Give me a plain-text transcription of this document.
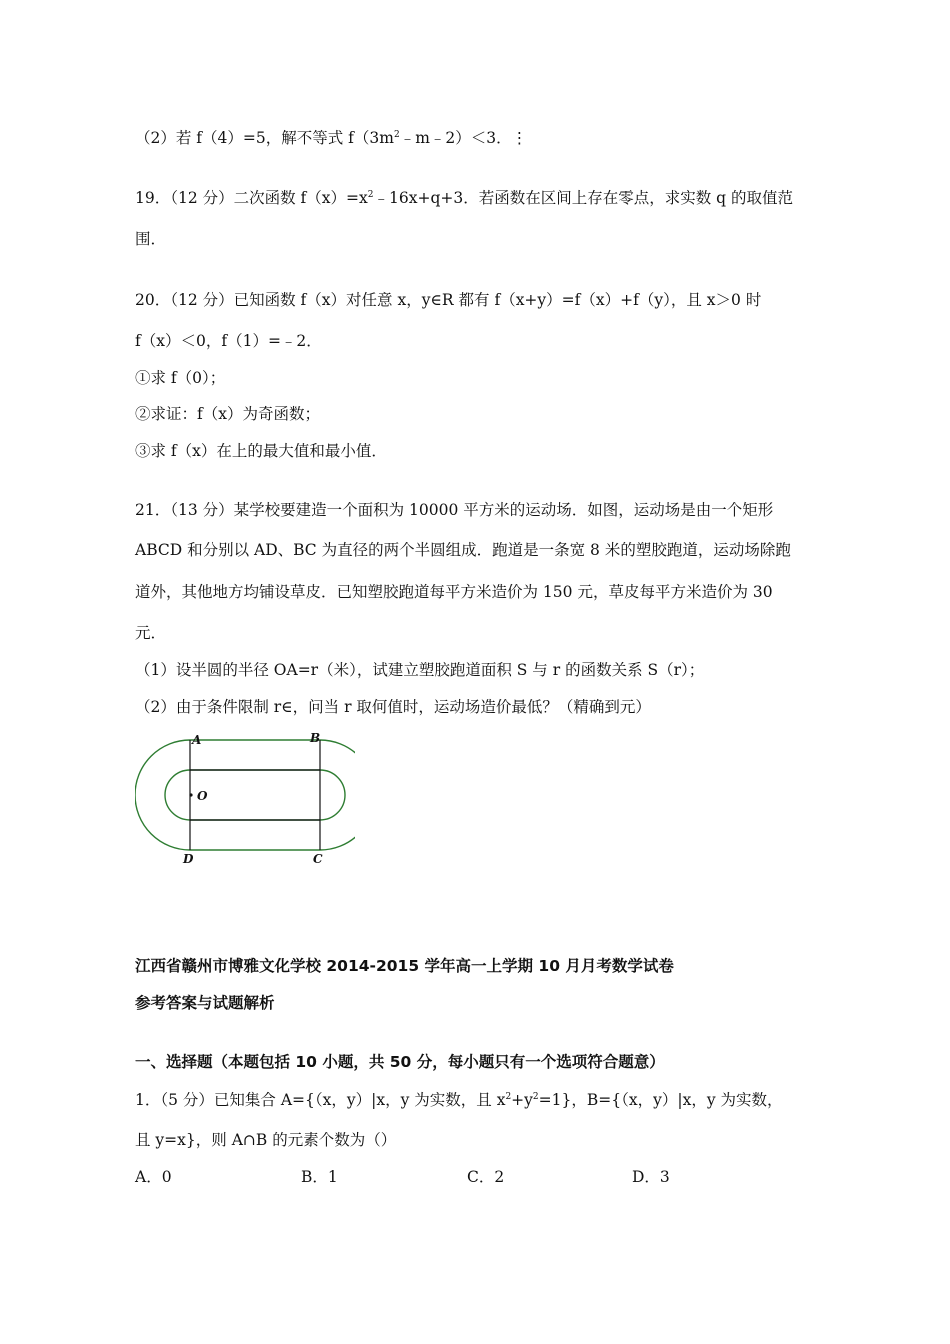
（2）若 f（4）=5，解不等式 $f(3m^2﹣m﹣2)<3$．⋮
19．（12 分）二次函数 $f(x)=x^2﹣16x+q+3$．若函数在区间上存在零点，求实数 q 的取值范
围．
20．（12 分）已知函数 f（x）对任意 x，y∈R 都有 f（x+y）=f（x）+f（y），且 x＞0 时
f（x）＜0，f（1）=﹣2．
①求 f（0）；
②求证：f（x）为奇函数；
③求 f（x）在上的最大值和最小值．
21．（13 分）某学校要建造一个面积为 10000 平方米的运动场．如图，运动场是由一个矩形
ABCD 和分别以 AD、BC 为直径的两个半圆组成．跑道是一条宽 8 米的塑胶跑道，运动场除跑
道外，其他地方均铺设草皮．已知塑胶跑道每平方米造价为 150 元，草皮每平方米造价为 30
元．
（1）设半圆的半径 OA=r（米），试建立塑胶跑道面积 S 与 r 的函数关系 S（r）；
（2）由于条件限制 r∈，问当 r 取何值时，运动场造价最低？（精确到元）
A	B
O
D	C
江西省赣州市博雅文化学校 2014-2015 学年高一上学期 10 月月考数学试卷
参考答案与试题解析
一、选择题（本题包括 10 小题，共 50 分，每小题只有一个选项符合题意）
1．（5 分）已知集合 A={（x，y）|x，y 为实数，且 $x^2+y^2=1$}，B={（x，y）|x，y 为实数，
且 y=x}，则 A∩B 的元素个数为（）
A．0	B．1	C．2	D．3
